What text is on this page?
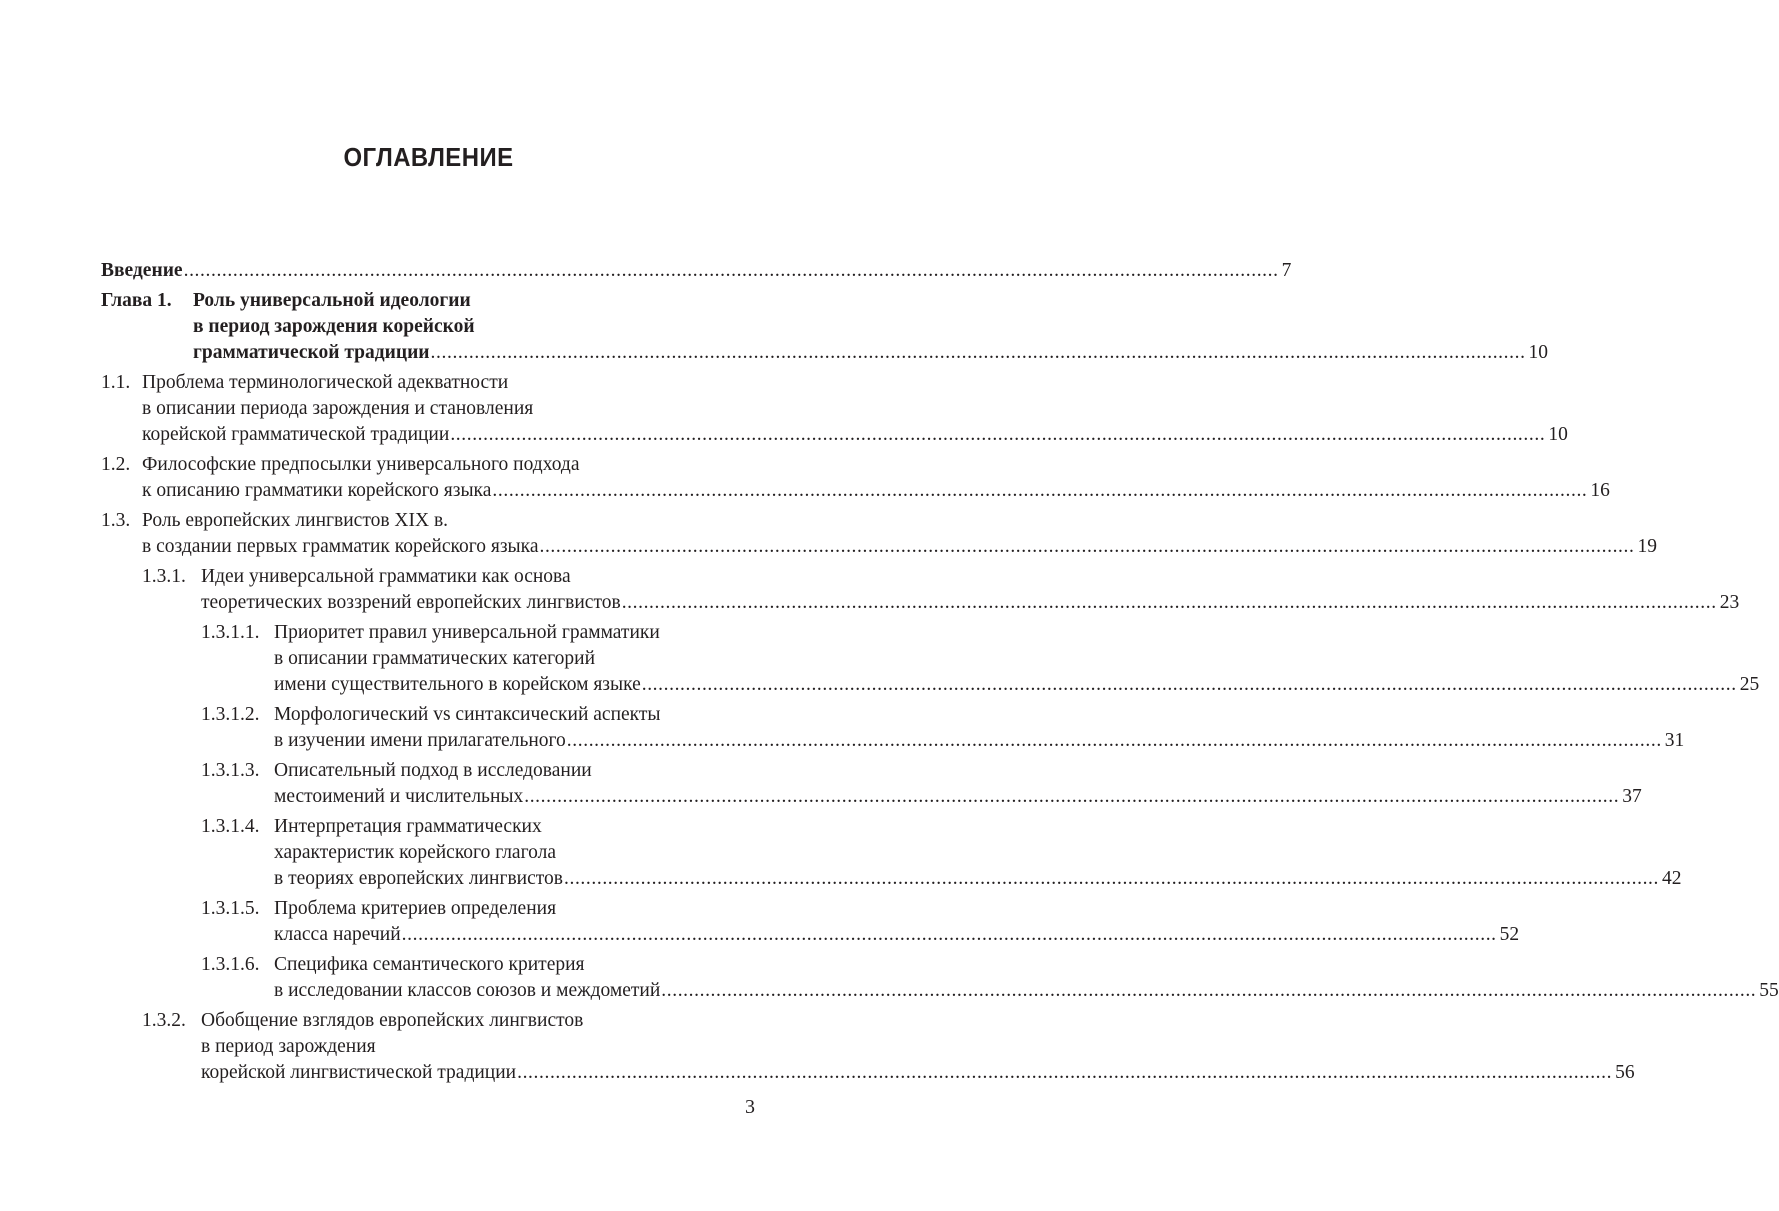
ОГЛАВЛЕНИЕ
Введение ........................................................................................................................................................................................................ 7
Глава 1. Роль универсальной идеологии
в период зарождения корейской
грамматической традиции ........................................................................................................................................................................................................ 10
1.1. Проблема терминологической адекватности
в описании периода зарождения и становления
корейской грамматической традиции ........................................................................................................................................................................................................ 10
1.2. Философские предпосылки универсального подхода
к описанию грамматики корейского языка ........................................................................................................................................................................................................ 16
1.3. Роль европейских лингвистов XIX в.
в создании первых грамматик корейского языка ........................................................................................................................................................................................................ 19
1.3.1. Идеи универсальной грамматики как основа
теоретических воззрений европейских лингвистов ........................................................................................................................................................................................................ 23
1.3.1.1. Приоритет правил универсальной грамматики
в описании грамматических категорий
имени существительного в корейском языке ........................................................................................................................................................................................................ 25
1.3.1.2. Морфологический vs синтаксический аспекты
в изучении имени прилагательного ........................................................................................................................................................................................................ 31
1.3.1.3. Описательный подход в исследовании
местоимений и числительных ........................................................................................................................................................................................................ 37
1.3.1.4. Интерпретация грамматических
характеристик корейского глагола
в теориях европейских лингвистов ........................................................................................................................................................................................................ 42
1.3.1.5. Проблема критериев определения
класса наречий ........................................................................................................................................................................................................ 52
1.3.1.6. Специфика семантического критерия
в исследовании классов союзов и междометий ........................................................................................................................................................................................................ 55
1.3.2. Обобщение взглядов европейских лингвистов
в период зарождения
корейской лингвистической традиции ........................................................................................................................................................................................................ 56
3
